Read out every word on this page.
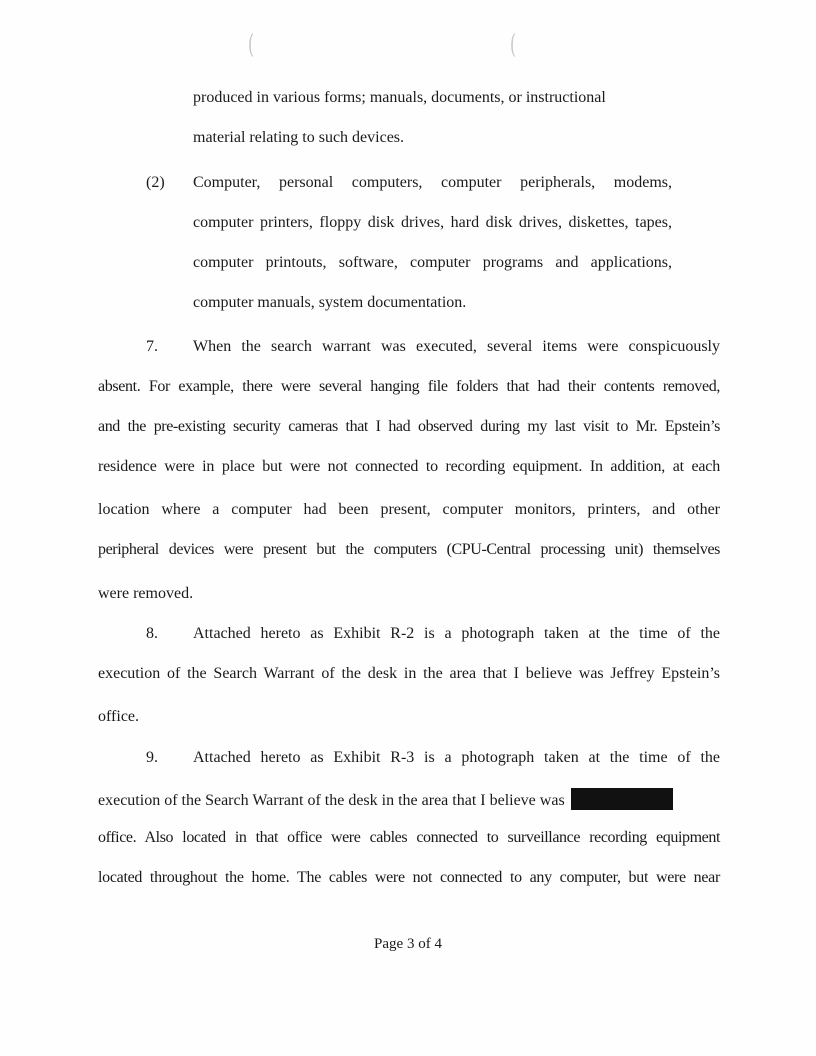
(	(
produced in various forms; manuals, documents, or instructional
material relating to such devices.
(2) Computer, personal computers, computer peripherals, modems,
computer printers, floppy disk drives, hard disk drives, diskettes, tapes,
computer printouts, software, computer programs and applications,
computer manuals, system documentation.
7. When the search warrant was executed, several items were conspicuously
absent. For example, there were several hanging file folders that had their contents removed,
and the pre-existing security cameras that I had observed during my last visit to Mr. Epstein’s
residence were in place but were not connected to recording equipment. In addition, at each
location where a computer had been present, computer monitors, printers, and other
peripheral devices were present but the computers (CPU-Central processing unit) themselves
were removed.
8. Attached hereto as Exhibit R-2 is a photograph taken at the time of the
execution of the Search Warrant of the desk in the area that I believe was Jeffrey Epstein’s
office.
9. Attached hereto as Exhibit R-3 is a photograph taken at the time of the
execution of the Search Warrant of the desk in the area that I believe was
office. Also located in that office were cables connected to surveillance recording equipment
located throughout the home. The cables were not connected to any computer, but were near
Page 3 of 4
